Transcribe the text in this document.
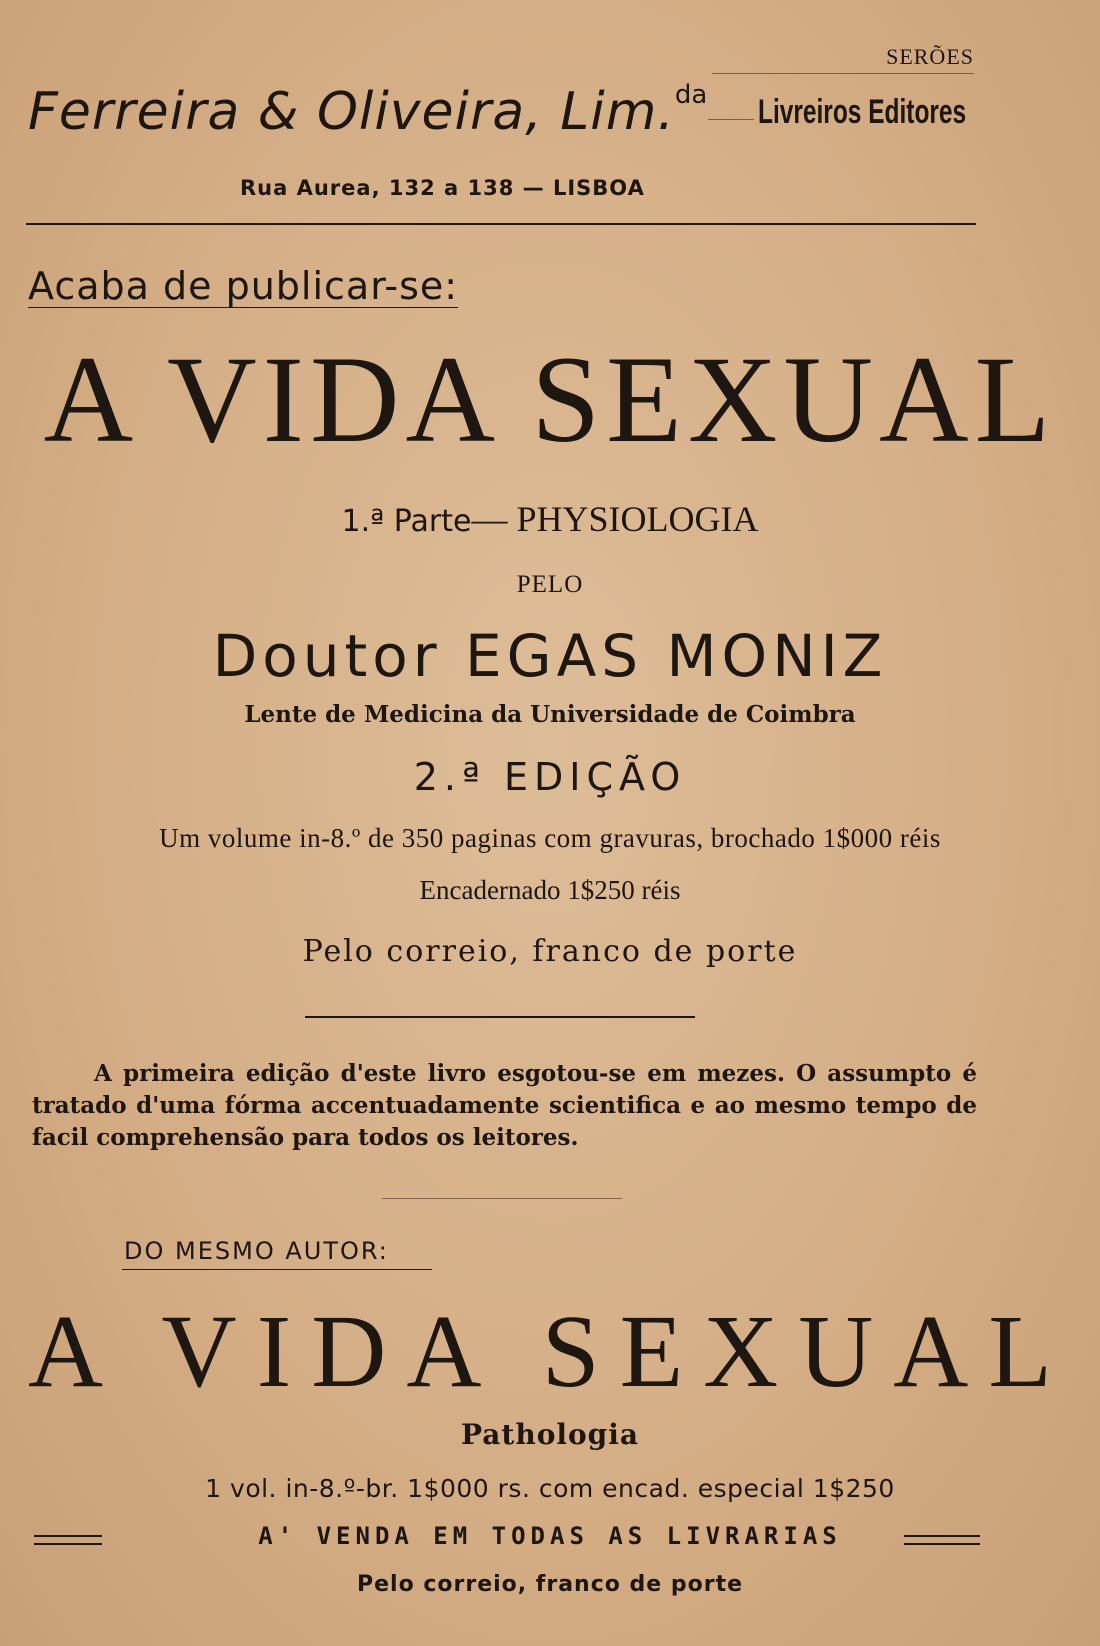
SERÕES
Ferreira & Oliveira, Lim.$^{da}$ Livreiros Editores
Rua Aurea, 132 a 138 — LISBOA
Acaba de publicar-se:
A VIDA SEXUAL
1.ª Parte— PHYSIOLOGIA
PELO
Doutor EGAS MONIZ
Lente de Medicina da Universidade de Coimbra
2.ª EDIÇÃO
Um volume in-8.º de 350 paginas com gravuras, brochado 1$000 réis
Encadernado 1$250 réis
Pelo correio, franco de porte
A primeira edição d'este livro esgotou-se em mezes. O assumpto é tratado d'uma fórma accentuadamente scientifica e ao mesmo tempo de facil comprehensão para todos os leitores.
DO MESMO AUTOR:
A VIDA SEXUAL
Pathologia
1 vol. in-8.º-br. 1$000 rs. com encad. especial 1$250
A' VENDA EM TODAS AS LIVRARIAS
Pelo correio, franco de porte
